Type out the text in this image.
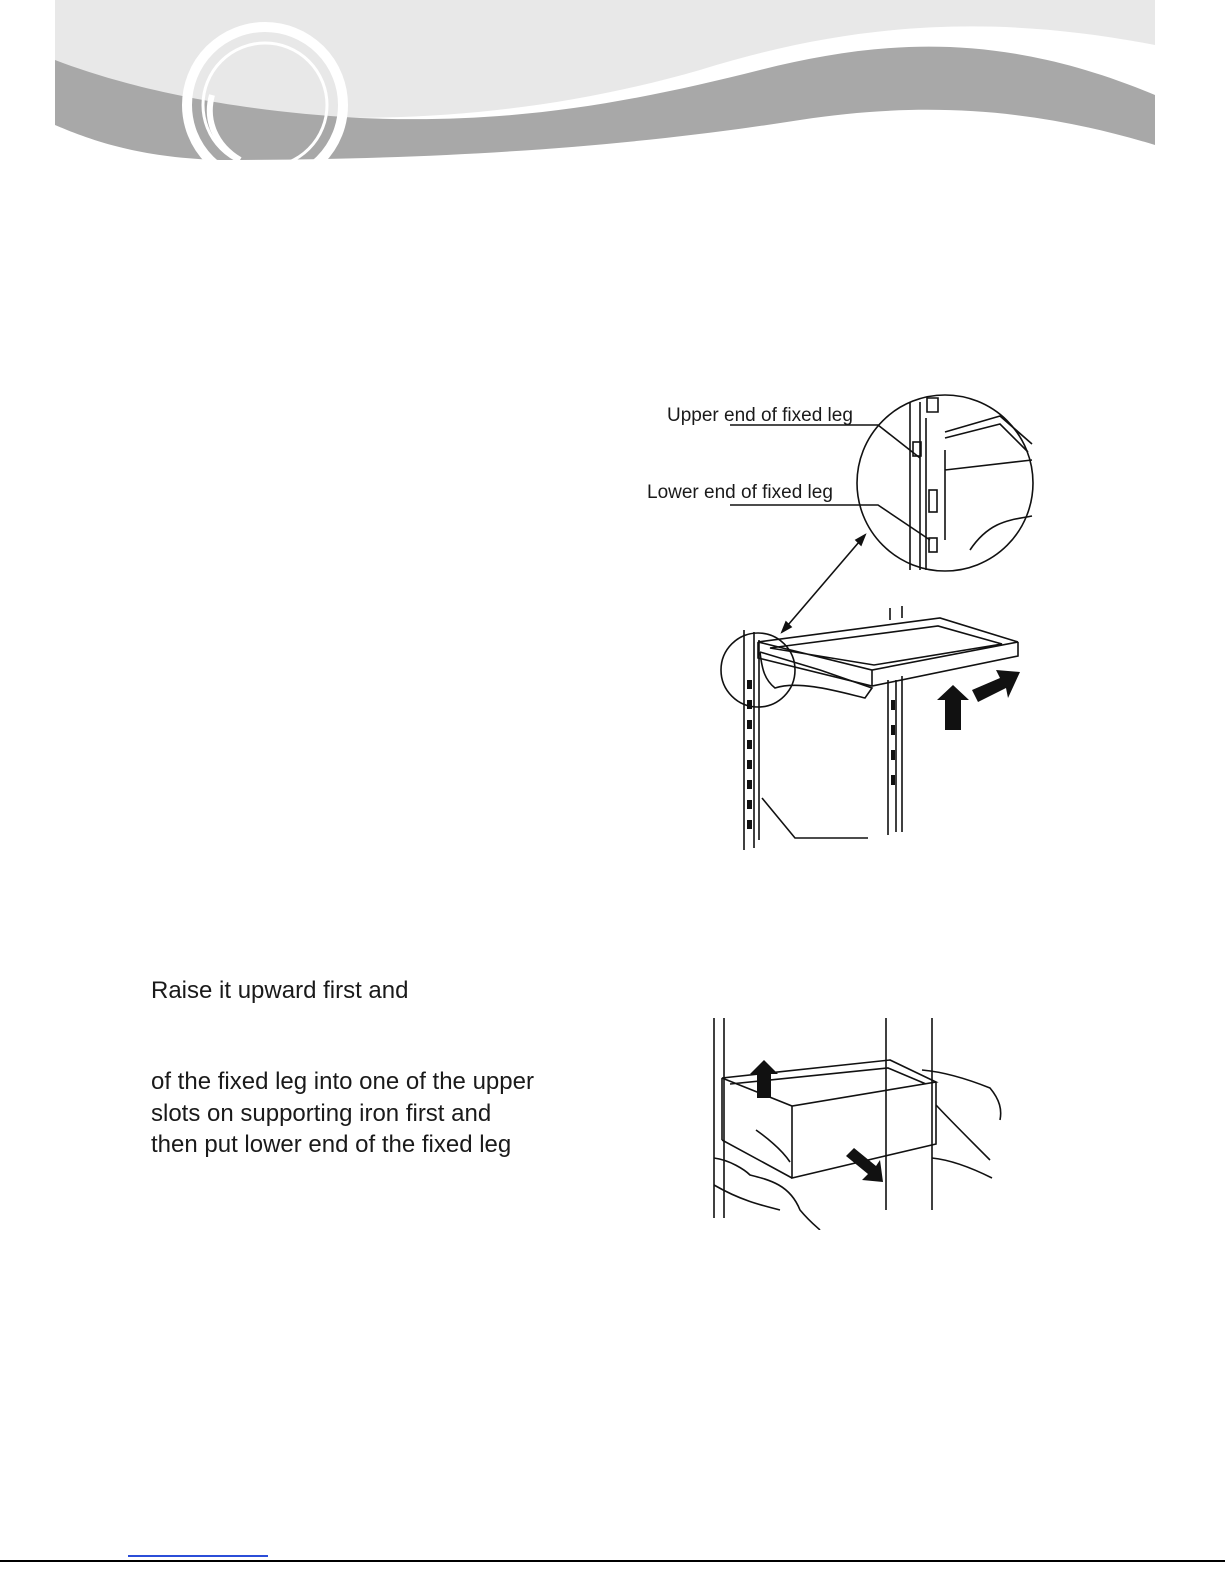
Upper end of fixed leg
Lower end of fixed leg
Raise it upward first and
of the fixed leg into one of the upper
slots on supporting iron first and
then put lower end of the fixed leg
